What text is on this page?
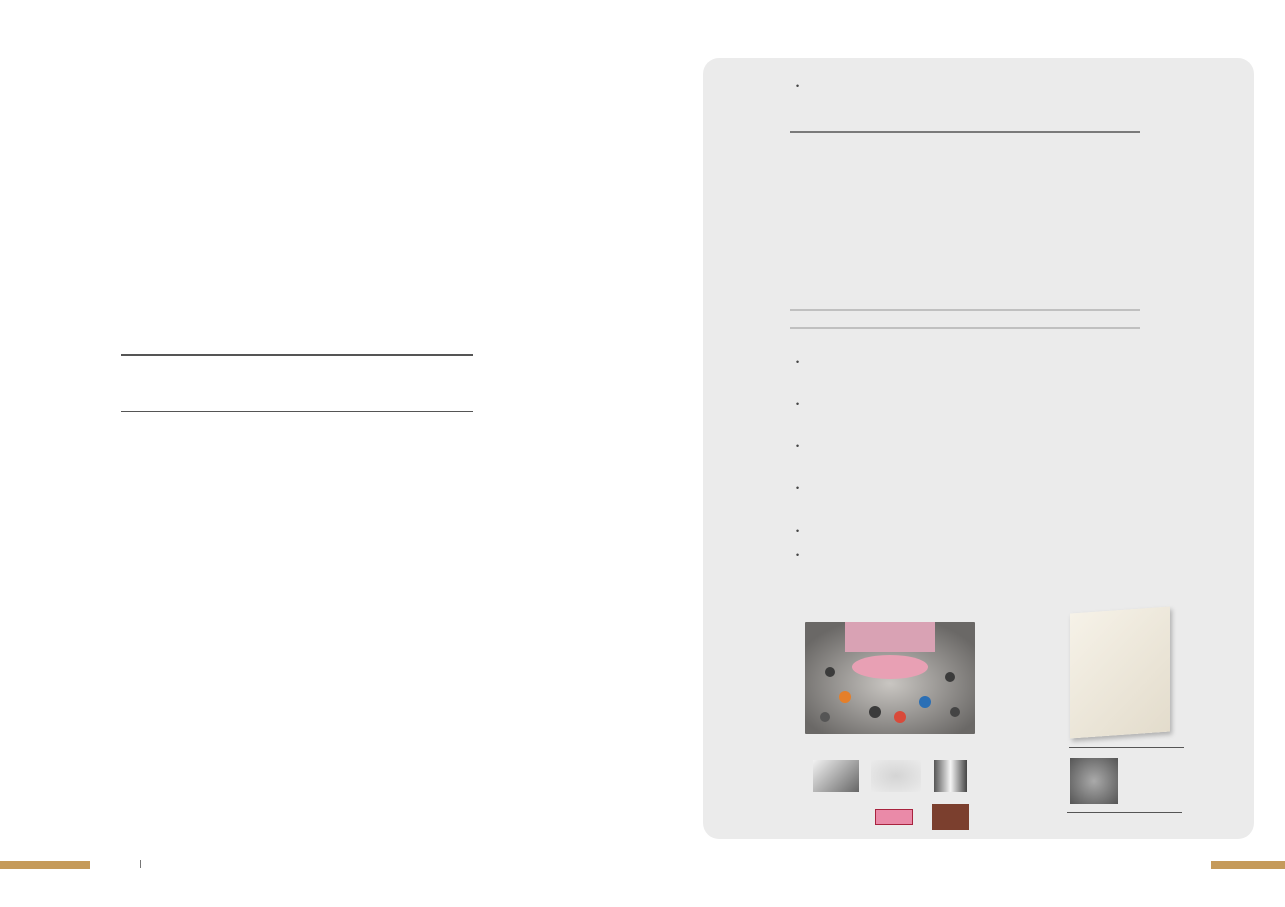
|
•
•
•
•
•
•
•
